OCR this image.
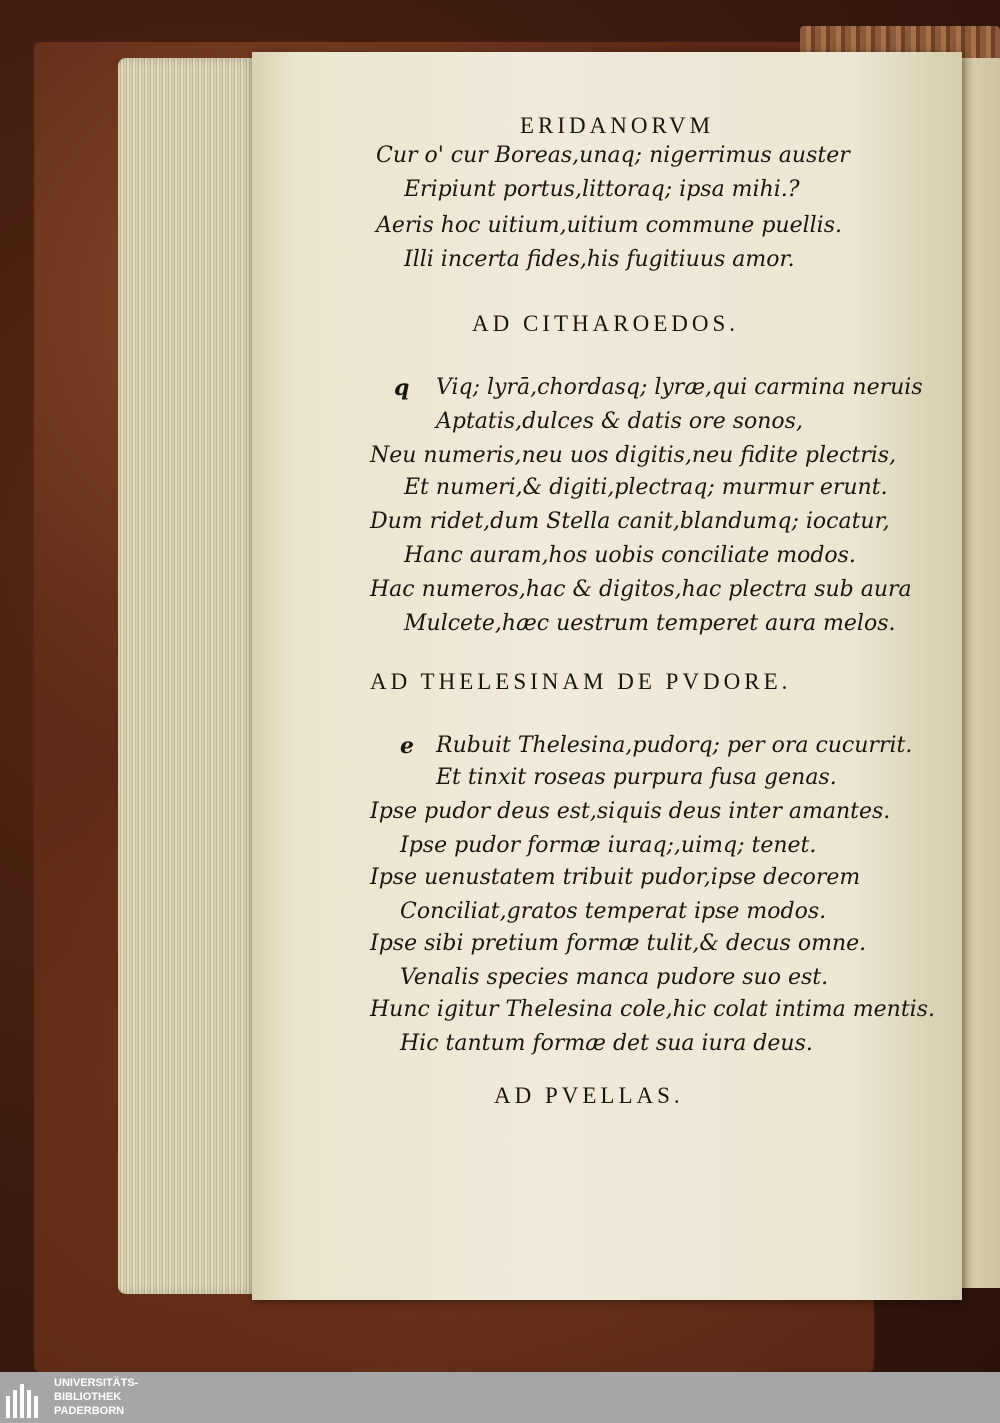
ERIDANORVM
Cur o' cur Boreas,unaq; nigerrimus auster
Eripiunt portus,littoraq; ipsa mihi.?
Aeris hoc uitium,uitium commune puellis.
Illi incerta fides,his fugitiuus amor.
AD CITHAROEDOS.
q Viq; lyrā,chordasq; lyræ,qui carmina neruis
Aptatis,dulces & datis ore sonos,
Neu numeris,neu uos digitis,neu fidite plectris,
Et numeri,& digiti,plectraq; murmur erunt.
Dum ridet,dum Stella canit,blandumq; iocatur,
Hanc auram,hos uobis conciliate modos.
Hac numeros,hac & digitos,hac plectra sub aura
Mulcete,hæc uestrum temperet aura melos.
AD THELESINAM DE PVDORE.
e Rubuit Thelesina,pudorq; per ora cucurrit.
Et tinxit roseas purpura fusa genas.
Ipse pudor deus est,siquis deus inter amantes.
Ipse pudor formæ iuraq;,uimq; tenet.
Ipse uenustatem tribuit pudor,ipse decorem
Conciliat,gratos temperat ipse modos.
Ipse sibi pretium formæ tulit,& decus omne.
Venalis species manca pudore suo est.
Hunc igitur Thelesina cole,hic colat intima mentis.
Hic tantum formæ det sua iura deus.
AD PVELLAS.
UNIVERSITÄTS-
BIBLIOTHEK
PADERBORN
